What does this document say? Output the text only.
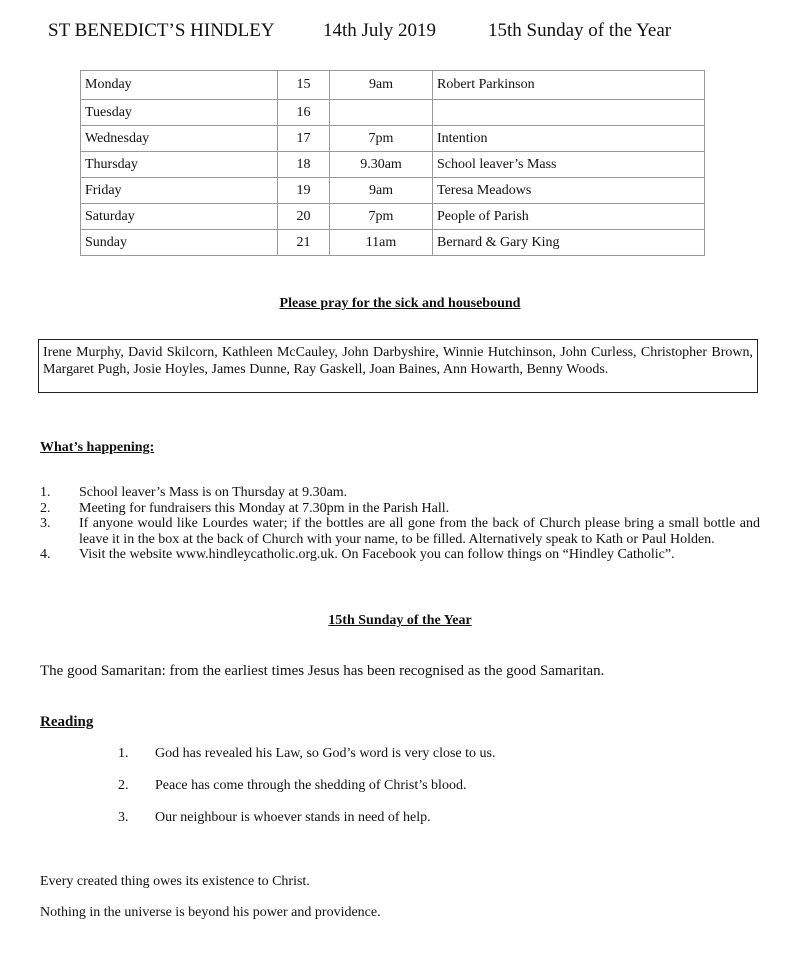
ST BENEDICT’S HINDLEY	14th July 2019	15th Sunday of the Year
Monday	15	9am	Robert Parkinson
Tuesday	16		
Wednesday	17	7pm	Intention
Thursday	18	9.30am	School leaver’s Mass
Friday	19	9am	Teresa Meadows
Saturday	20	7pm	People of Parish
Sunday	21	11am	Bernard & Gary King
Please pray for the sick and housebound
Irene Murphy, David Skilcorn, Kathleen McCauley, John Darbyshire, Winnie Hutchinson, John Curless, Christopher Brown, Margaret Pugh, Josie Hoyles, James Dunne, Ray Gaskell, Joan Baines, Ann Howarth, Benny Woods.
What’s happening:
1. School leaver’s Mass is on Thursday at 9.30am.
2. Meeting for fundraisers this Monday at 7.30pm in the Parish Hall.
3. If anyone would like Lourdes water; if the bottles are all gone from the back of Church please bring a small bottle and leave it in the box at the back of Church with your name, to be filled. Alternatively speak to Kath or Paul Holden.
4. Visit the website www.hindleycatholic.org.uk. On Facebook you can follow things on “Hindley Catholic”.
15th Sunday of the Year
The good Samaritan: from the earliest times Jesus has been recognised as the good Samaritan.
Reading
1. God has revealed his Law, so God’s word is very close to us.
2. Peace has come through the shedding of Christ’s blood.
3. Our neighbour is whoever stands in need of help.
Every created thing owes its existence to Christ.
Nothing in the universe is beyond his power and providence.
